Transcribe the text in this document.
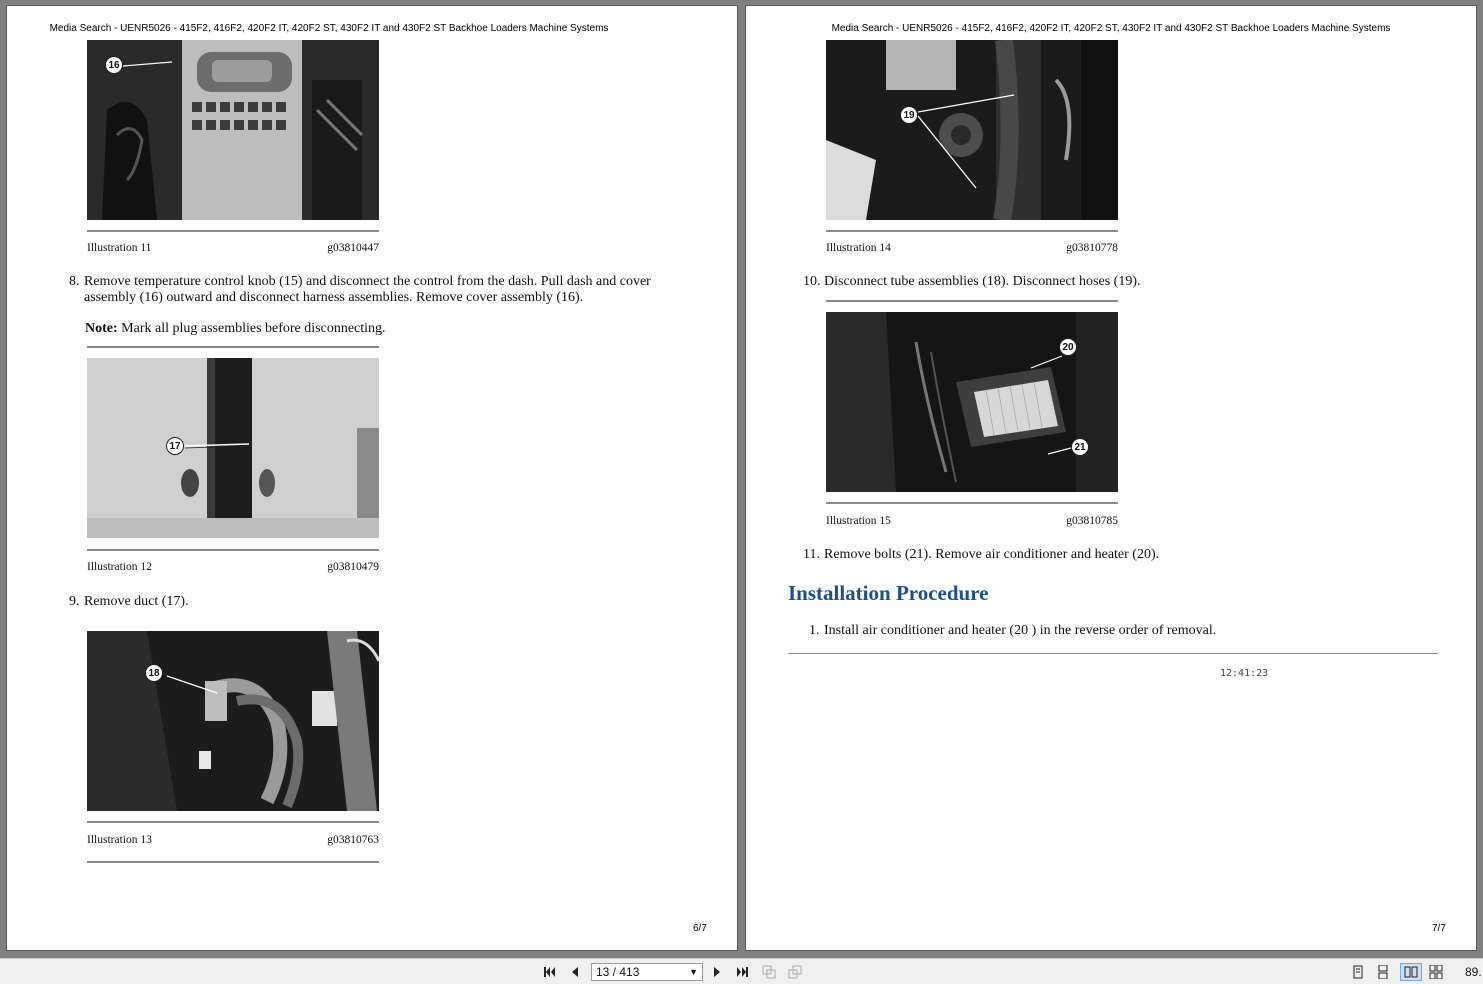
Media Search - UENR5026 - 415F2, 416F2, 420F2 IT, 420F2 ST, 430F2 IT and 430F2 ST Backhoe Loaders Machine Systems
16
Illustration 11	g03810447
8. Remove temperature control knob (15) and disconnect the control from the dash. Pull dash and cover
assembly (16) outward and disconnect harness assemblies. Remove cover assembly (16).
Note: Mark all plug assemblies before disconnecting.
17
Illustration 12	g03810479
9. Remove duct (17).
18
Illustration 13	g03810763
6/7
Media Search - UENR5026 - 415F2, 416F2, 420F2 IT, 420F2 ST, 430F2 IT and 430F2 ST Backhoe Loaders Machine Systems
19
Illustration 14	g03810778
10. Disconnect tube assemblies (18). Disconnect hoses (19).
20
21
Illustration 15	g03810785
11. Remove bolts (21). Remove air conditioner and heater (20).
Installation Procedure
1. Install air conditioner and heater (20 ) in the reverse order of removal.
12:41:23
7/7
13 / 413	▼	89.
